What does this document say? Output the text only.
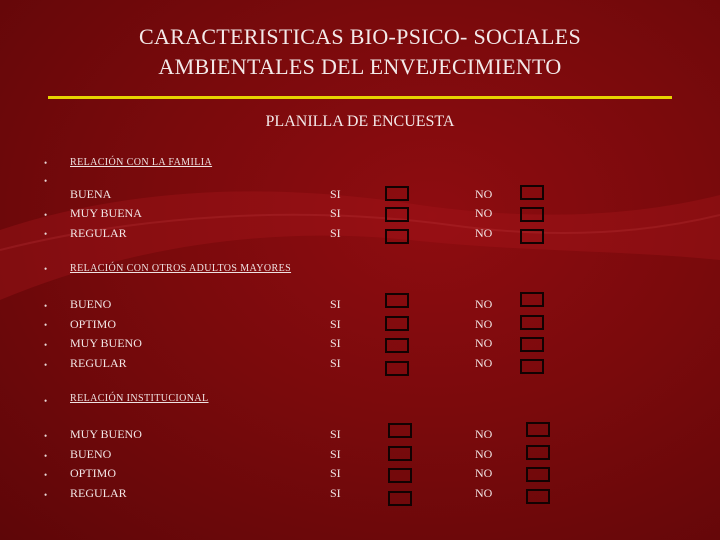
CARACTERISTICAS BIO-PSICO- SOCIALES
AMBIENTALES DEL ENVEJECIMIENTO
PLANILLA DE ENCUESTA
• RELACIÓN CON LA FAMILIA
•
•
•
BUENA
MUY BUENA
REGULAR
SI
SI
SI
NO
NO
NO
• RELACIÓN CON OTROS ADULTOS MAYORES
•
•
•
•
BUENO
OPTIMO
MUY BUENO
REGULAR
SI
SI
SI
SI
NO
NO
NO
NO
• RELACIÓN INSTITUCIONAL
•
•
•
•
MUY BUENO
BUENO
OPTIMO
REGULAR
SI
SI
SI
SI
NO
NO
NO
NO
